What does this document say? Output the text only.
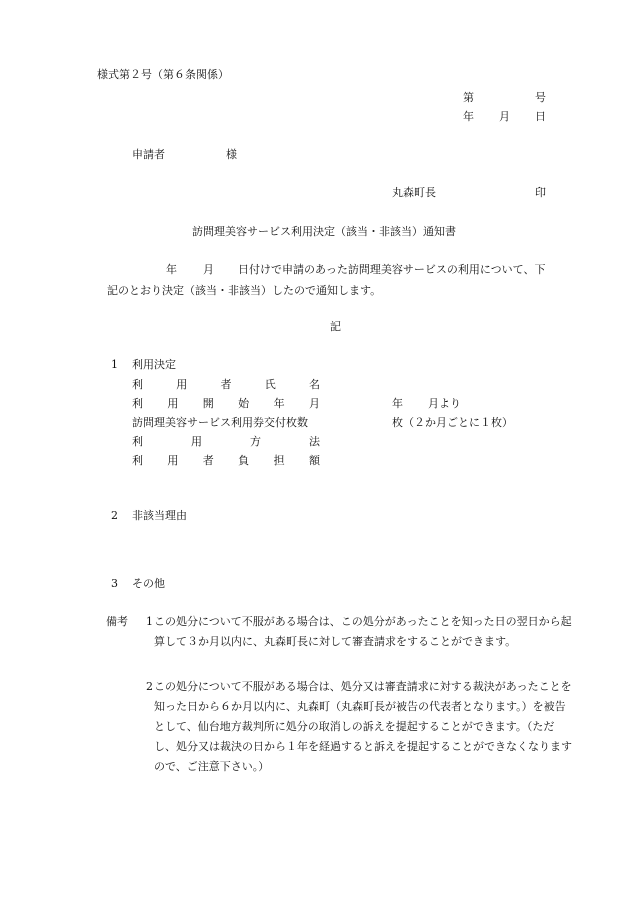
様式第２号（第６条関係）
第	号
年 月 日
申請者	様
丸森町長	印
訪問理美容サービス利用決定（該当・非該当）通知書
年 月 日付けで申請のあった訪問理美容サービスの利用について、下
記のとおり決定（該当・非該当）したので通知します。
記
1 利用決定
利	用	者	氏	名
利 用 開 始 年 月	年 月より
訪問理美容サービス利用券交付枚数	枚（２か月ごとに１枚）
利	用	方	法
利 用 者 負 担 額
2 非該当理由
3 その他
備考 1 この処分について不服がある場合は、この処分があったことを知った日の翌日から起算して３か月以内に、丸森町長に対して審査請求をすることができます。
2 この処分について不服がある場合は、処分又は審査請求に対する裁決があったことを知った日から６か月以内に、丸森町（丸森町長が被告の代表者となります。）を被告として、仙台地方裁判所に処分の取消しの訴えを提起することができます。（ただし、処分又は裁決の日から１年を経過すると訴えを提起することができなくなりますので、ご注意下さい。）
